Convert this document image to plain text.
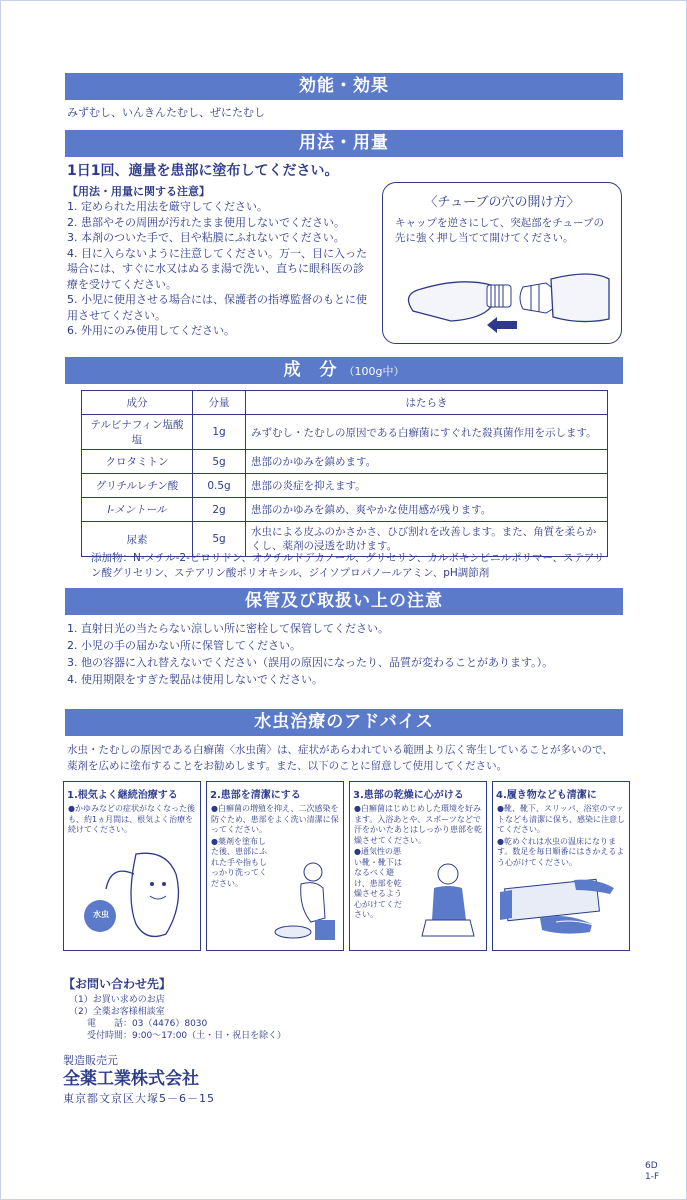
効能・効果
みずむし、いんきんたむし、ぜにたむし
用法・用量
1日1回、適量を患部に塗布してください。
【用法・用量に関する注意】
1. 定められた用法を厳守してください。
2. 患部やその周囲が汚れたまま使用しないでください。
3. 本剤のついた手で、目や粘膜にふれないでください。
4. 目に入らないように注意してください。万一、目に入った場合には、すぐに水又はぬるま湯で洗い、直ちに眼科医の診療を受けてください。
5. 小児に使用させる場合には、保護者の指導監督のもとに使用させてください。
6. 外用にのみ使用してください。
〈チューブの穴の開け方〉
キャップを逆さにして、突起部をチューブの先に強く押し当てて開けてください。
成　分 （100g中）
成分	分量	はたらき
テルビナフィン塩酸塩	1g	みずむし・たむしの原因である白癬菌にすぐれた殺真菌作用を示します。
クロタミトン	5g	患部のかゆみを鎮めます。
グリチルレチン酸	0.5g	患部の炎症を抑えます。
l-メントール	2g	患部のかゆみを鎮め、爽やかな使用感が残ります。
尿素	5g	水虫による皮ふのかさかさ、ひび割れを改善します。また、角質を柔らかくし、薬剤の浸透を助けます。
添加物：N-メチル-2-ピロリドン、オクチルドデカノール、グリセリン、カルボキシビニルポリマー、ステアリン酸グリセリン、ステアリン酸ポリオキシル、ジイソプロパノールアミン、pH調節剤
保管及び取扱い上の注意
1. 直射日光の当たらない涼しい所に密栓して保管してください。
2. 小児の手の届かない所に保管してください。
3. 他の容器に入れ替えないでください（誤用の原因になったり、品質が変わることがあります。）。
4. 使用期限をすぎた製品は使用しないでください。
水虫治療のアドバイス
水虫・たむしの原因である白癬菌〈水虫菌〉は、症状があらわれている範囲より広く寄生していることが多いので、薬剤を広めに塗布することをお勧めします。また、以下のことに留意して使用してください。
1.根気よく継続治療する
●かゆみなどの症状がなくなった後も、約1ヵ月間は、根気よく治療を続けてください。
水虫
2.患部を清潔にする
●白癬菌の増殖を抑え、二次感染を防ぐため、患部をよく洗い清潔に保ってください。
●薬剤を塗布した後、患部にふれた手や指もしっかり洗ってください。
3.患部の乾燥に心がける
●白癬菌はじめじめした環境を好みます。入浴あとや、スポーツなどで汗をかいたあとはしっかり患部を乾燥させてください。
●通気性の悪い靴・靴下はなるべく避け、患部を乾燥させるよう心がけてください。
4.履き物なども清潔に
●靴、靴下、スリッパ、浴室のマットなども清潔に保ち、感染に注意してください。
●乾めぐれは水虫の温床になります。数足を毎日順番にはきかえるよう心がけてください。
【お問い合わせ先】
（1）お買い求めのお店
（2）全薬お客様相談室
　　電　　話：03（4476）8030
　　受付時間：9:00～17:00（土・日・祝日を除く）
製造販売元
全薬工業株式会社
東京都文京区大塚5－6－15
6D
1-F
